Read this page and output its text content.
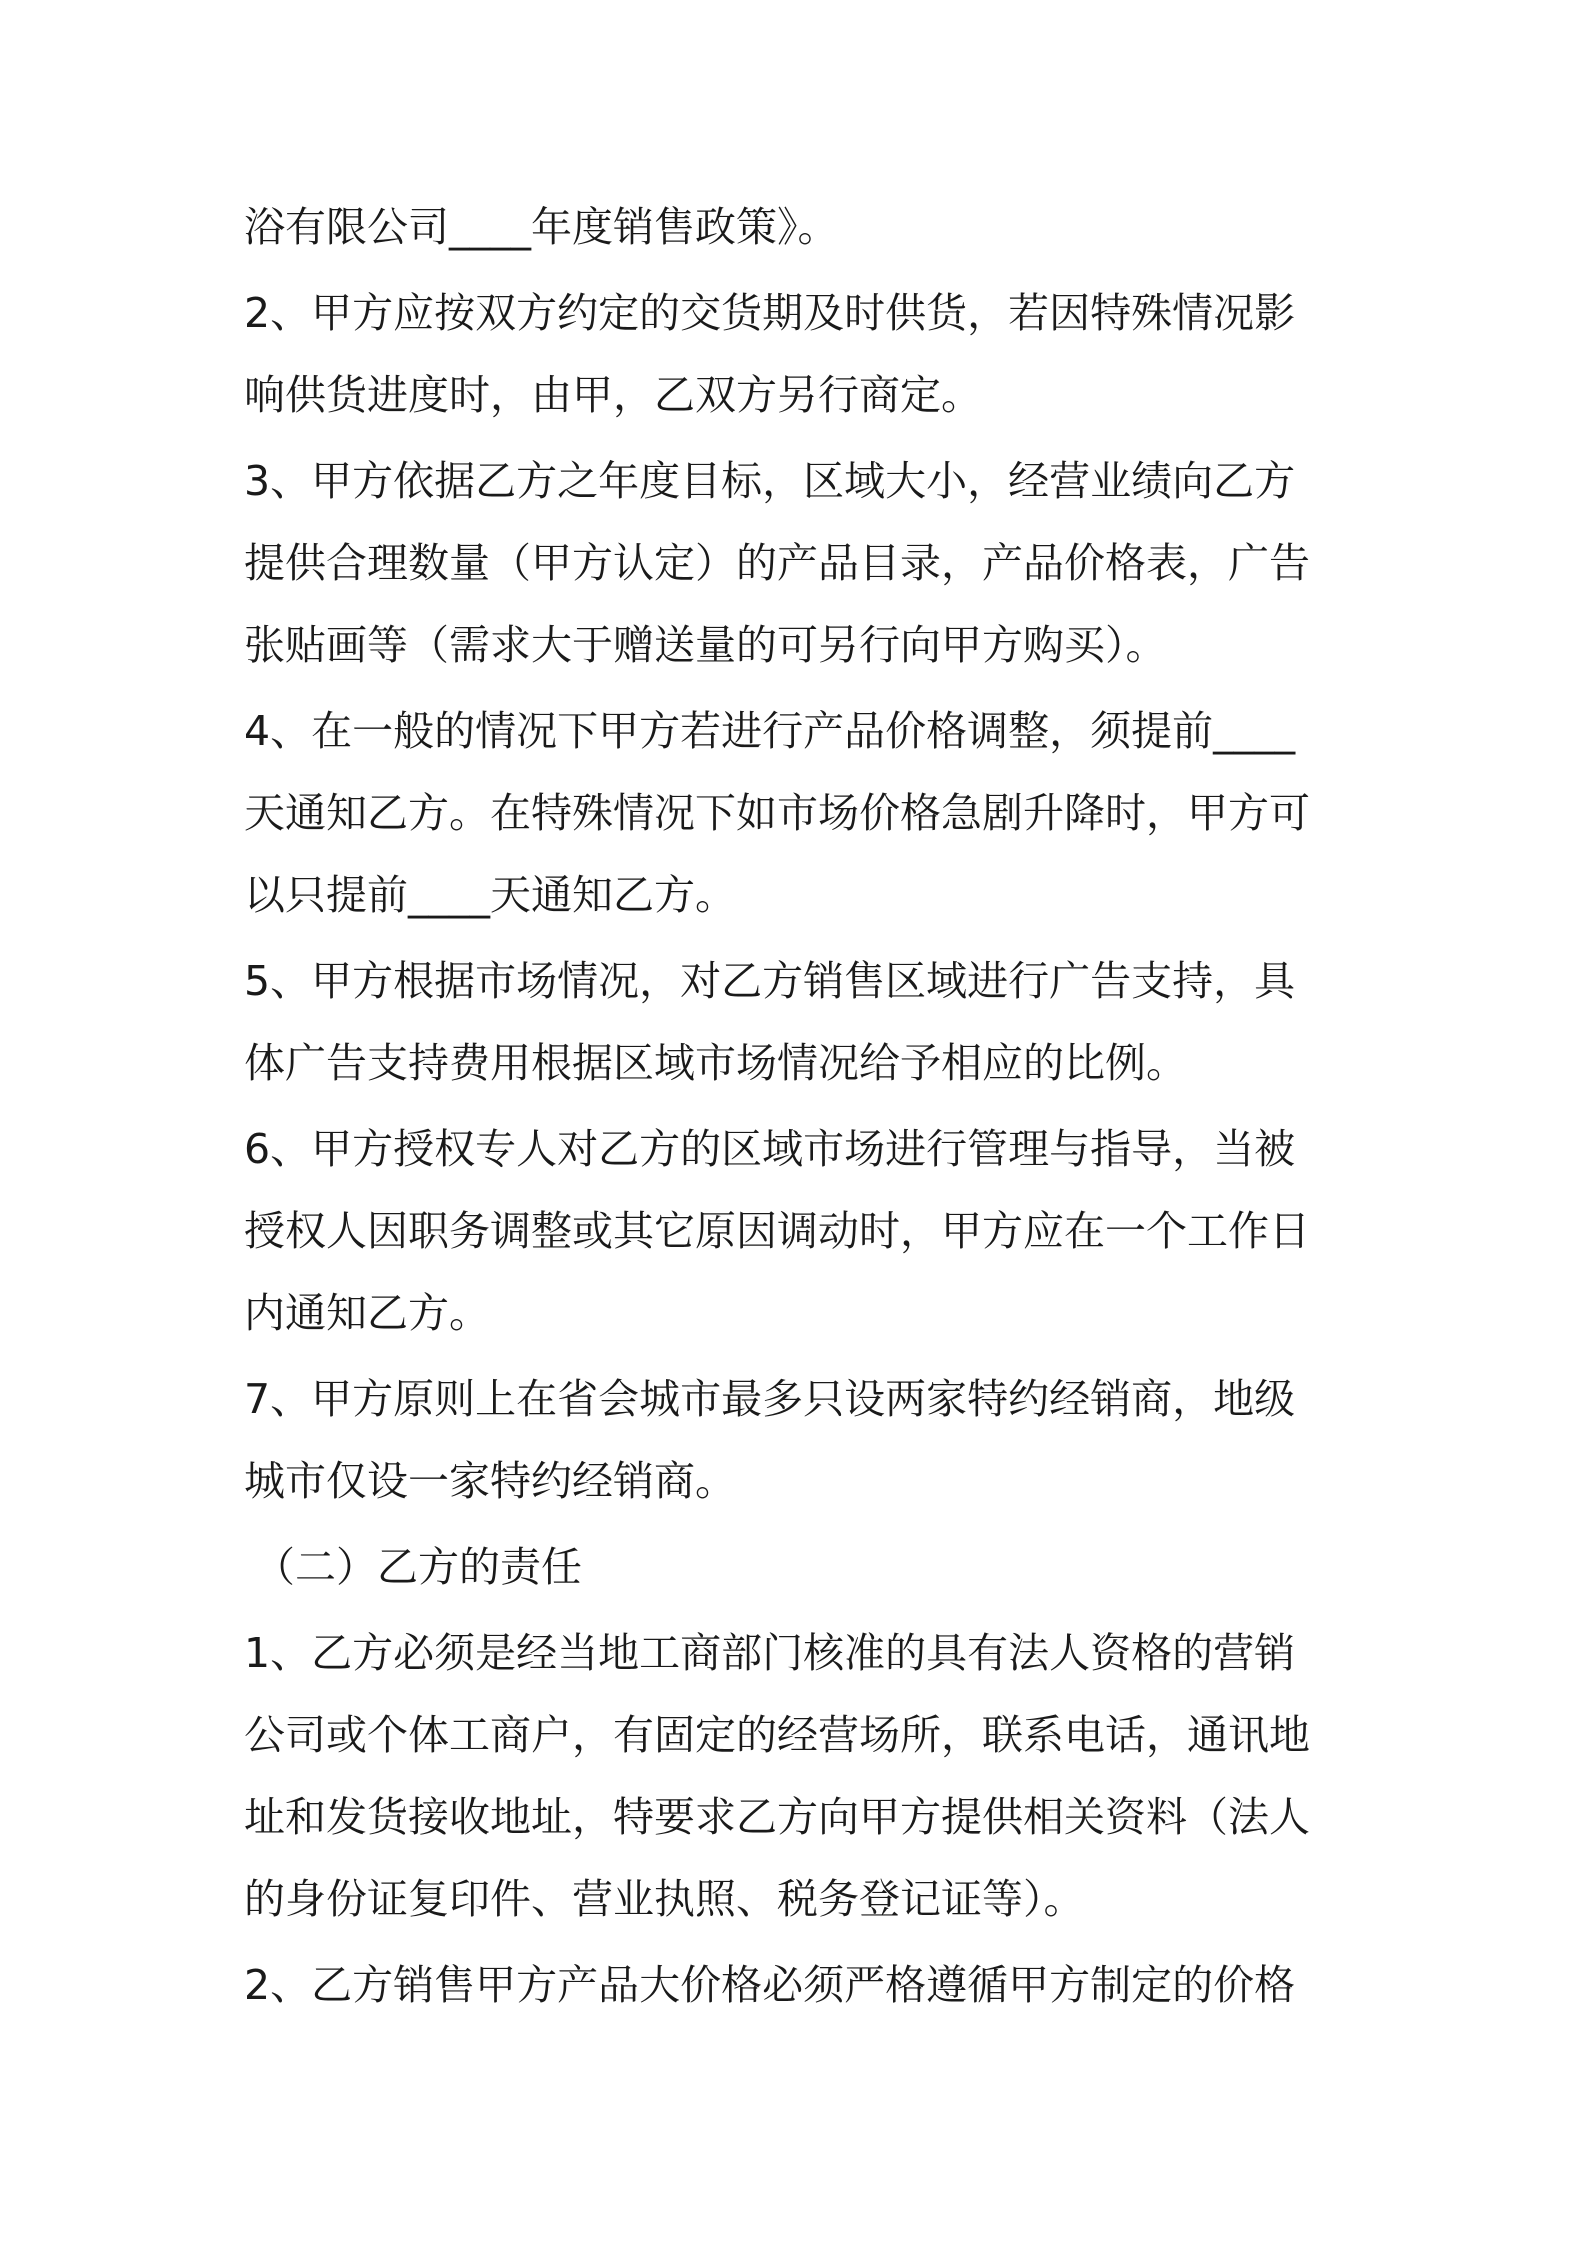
浴有限公司____年度销售政策》。

2、甲方应按双方约定的交货期及时供货，若因特殊情况影

响供货进度时，由甲，乙双方另行商定。

3、甲方依据乙方之年度目标，区域大小，经营业绩向乙方

提供合理数量（甲方认定）的产品目录，产品价格表，广告

张贴画等（需求大于赠送量的可另行向甲方购买）。

4、在一般的情况下甲方若进行产品价格调整，须提前____

天通知乙方。在特殊情况下如市场价格急剧升降时，甲方可

以只提前____天通知乙方。

5、甲方根据市场情况，对乙方销售区域进行广告支持，具

体广告支持费用根据区域市场情况给予相应的比例。

6、甲方授权专人对乙方的区域市场进行管理与指导，当被

授权人因职务调整或其它原因调动时，甲方应在一个工作日

内通知乙方。

7、甲方原则上在省会城市最多只设两家特约经销商，地级

城市仅设一家特约经销商。

（二）乙方的责任

1、乙方必须是经当地工商部门核准的具有法人资格的营销

公司或个体工商户，有固定的经营场所，联系电话，通讯地

址和发货接收地址，特要求乙方向甲方提供相关资料（法人

的身份证复印件、营业执照、税务登记证等）。

2、乙方销售甲方产品大价格必须严格遵循甲方制定的价格
